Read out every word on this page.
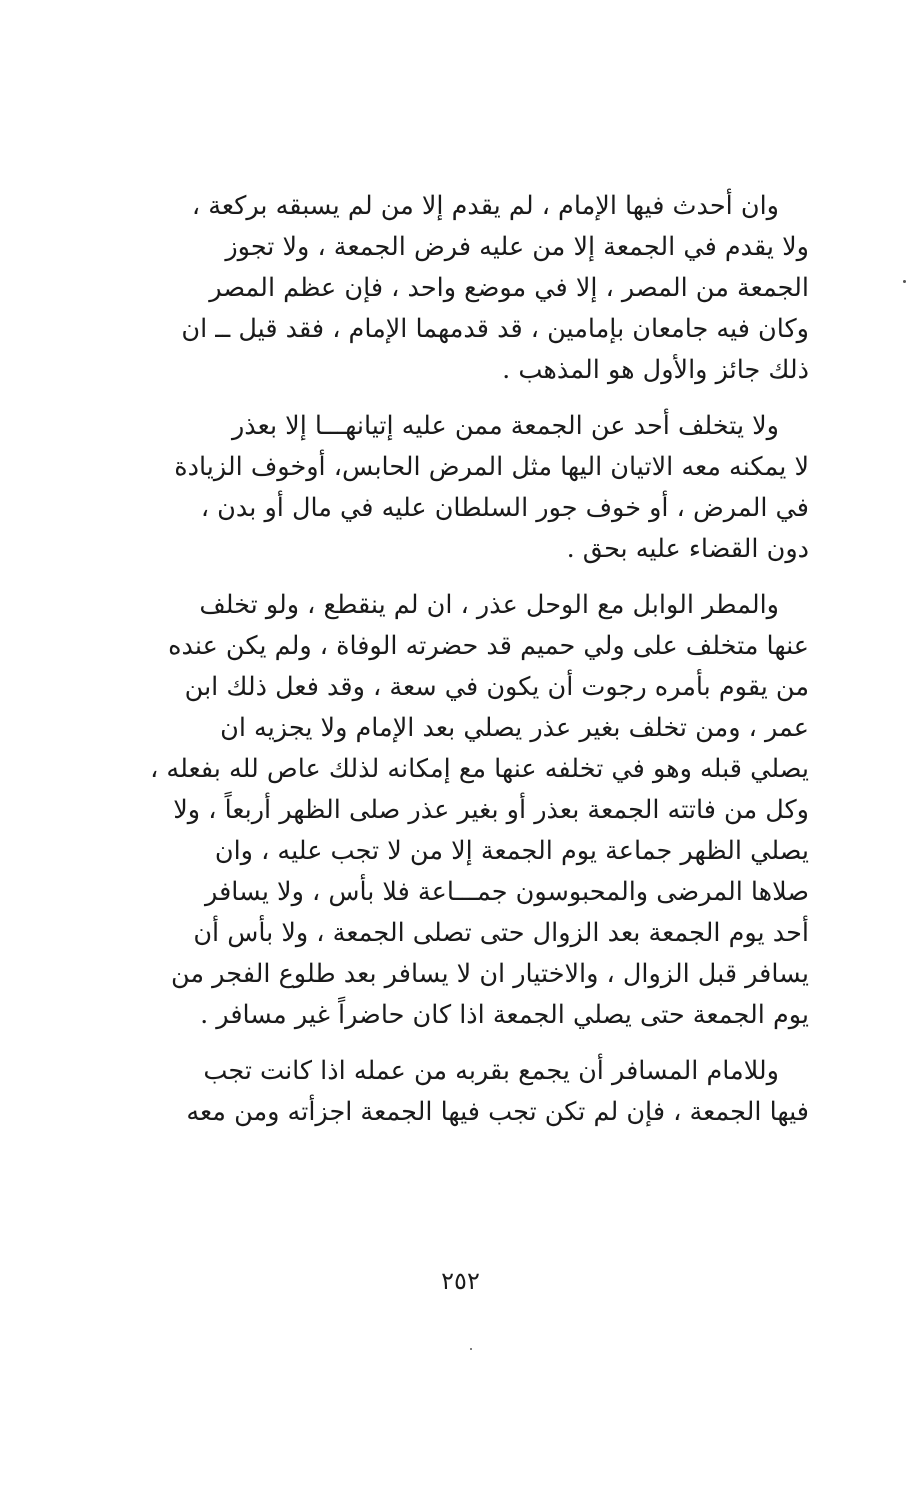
وان أحدث فيها الإمام ، لم يقدم إلا من لم يسبقه بركعة ،
ولا يقدم في الجمعة إلا من عليه فرض الجمعة ، ولا تجوز
الجمعة من المصر ، إلا في موضع واحد ، فإن عظم المصر
وكان فيه جامعان بإمامين ، قد قدمهما الإمام ، فقد قيل ــ ان
ذلك جائز والأول هو المذهب .

ولا يتخلف أحد عن الجمعة ممن عليه إتيانهـــا إلا بعذر
لا يمكنه معه الاتيان اليها مثل المرض الحابس، أوخوف الزيادة
في المرض ، أو خوف جور السلطان عليه في مال أو بدن ،
دون القضاء عليه بحق .

والمطر الوابل مع الوحل عذر ، ان لم ينقطع ، ولو تخلف
عنها متخلف على ولي حميم قد حضرته الوفاة ، ولم يكن عنده
من يقوم بأمره رجوت أن يكون في سعة ، وقد فعل ذلك ابن
عمر ، ومن تخلف بغير عذر يصلي بعد الإمام ولا يجزيه ان
يصلي قبله وهو في تخلفه عنها مع إمكانه لذلك عاص لله بفعله ،
وكل من فاتته الجمعة بعذر أو بغير عذر صلى الظهر أربعاً ، ولا
يصلي الظهر جماعة يوم الجمعة إلا من لا تجب عليه ، وان
صلاها المرضى والمحبوسون جمـــاعة فلا بأس ، ولا يسافر
أحد يوم الجمعة بعد الزوال حتى تصلى الجمعة ، ولا بأس أن
يسافر قبل الزوال ، والاختيار ان لا يسافر بعد طلوع الفجر من
يوم الجمعة حتى يصلي الجمعة اذا كان حاضراً غير مسافر .

وللامام المسافر أن يجمع بقربه من عمله اذا كانت تجب
فيها الجمعة ، فإن لم تكن تجب فيها الجمعة اجزأته ومن معه

٢٥٢
